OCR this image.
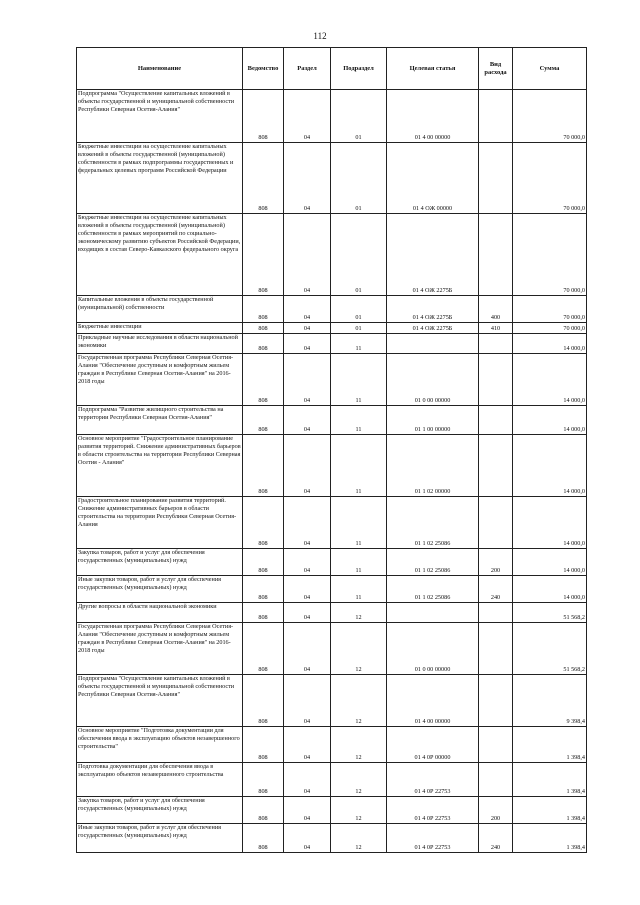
112
Наименование	Ведомство	Раздел	Подраздел	Целевая статья	Вид расхода	Сумма
Подпрограмма "Осуществление капитальных вложений в объекты государственной и муниципальной собственности Республики Северная Осетия-Алания"	808	04	01	01 4 00 00000		70 000,0
Бюджетные инвестиции на осуществление капитальных вложений в объекты государственной (муниципальной) собственности в рамках подпрограммы государственных и федеральных целевых программ Российской Федерации	808	04	01	01 4 ОЖ 00000		70 000,0
Бюджетные инвестиции на осуществление капитальных вложений в объекты государственной (муниципальной) собственности в рамках мероприятий по социально-экономическому развитию субъектов Российской Федерации, входящих в состав Северо-Кавказского федерального округа	808	04	01	01 4 ОЖ 2275Б		70 000,0
Капитальные вложения в объекты государственной (муниципальной) собственности	808	04	01	01 4 ОЖ 2275Б	400	70 000,0
Бюджетные инвестиции	808	04	01	01 4 ОЖ 2275Б	410	70 000,0
Прикладные научные исследования в области национальной экономики	808	04	11			14 000,0
Государственная программа Республики Северная Осетия-Алания "Обеспечение доступным и комфортным жильем граждан в Республике Северная Осетия-Алания" на 2016-2018 годы	808	04	11	01 0 00 00000		14 000,0
Подпрограмма "Развитие жилищного строительства на территории Республики Северная Осетия-Алания"	808	04	11	01 1 00 00000		14 000,0
Основное мероприятие "Градостроительное планирование развития территорий. Снижение административных барьеров в области строительства на территории Республики Северная Осетия - Алания"	808	04	11	01 1 02 00000		14 000,0
Градостроительное планирование развития территорий. Снижение административных барьеров в области строительства на территории Республики Северная Осетия-Алания	808	04	11	01 1 02 25086		14 000,0
Закупка товаров, работ и услуг для обеспечения государственных (муниципальных) нужд	808	04	11	01 1 02 25086	200	14 000,0
Иные закупки товаров, работ и услуг для обеспечения государственных (муниципальных) нужд	808	04	11	01 1 02 25086	240	14 000,0
Другие вопросы в области национальной экономики	808	04	12			51 568,2
Государственная программа Республики Северная Осетия-Алания "Обеспечение доступным и комфортным жильем граждан в Республике Северная Осетия-Алания" на 2016-2018 годы	808	04	12	01 0 00 00000		51 568,2
Подпрограмма "Осуществление капитальных вложений в объекты государственной и муниципальной собственности Республики Северная Осетия-Алания"	808	04	12	01 4 00 00000		9 398,4
Основное мероприятие "Подготовка документации для обеспечения ввода в эксплуатацию объектов незавершенного строительства"	808	04	12	01 4 0Р 00000		1 398,4
Подготовка документации для обеспечения ввода в эксплуатацию объектов незавершенного строительства	808	04	12	01 4 0Р 22753		1 398,4
Закупка товаров, работ и услуг для обеспечения государственных (муниципальных) нужд	808	04	12	01 4 0Р 22753	200	1 398,4
Иные закупки товаров, работ и услуг для обеспечения государственных (муниципальных) нужд	808	04	12	01 4 0Р 22753	240	1 398,4
